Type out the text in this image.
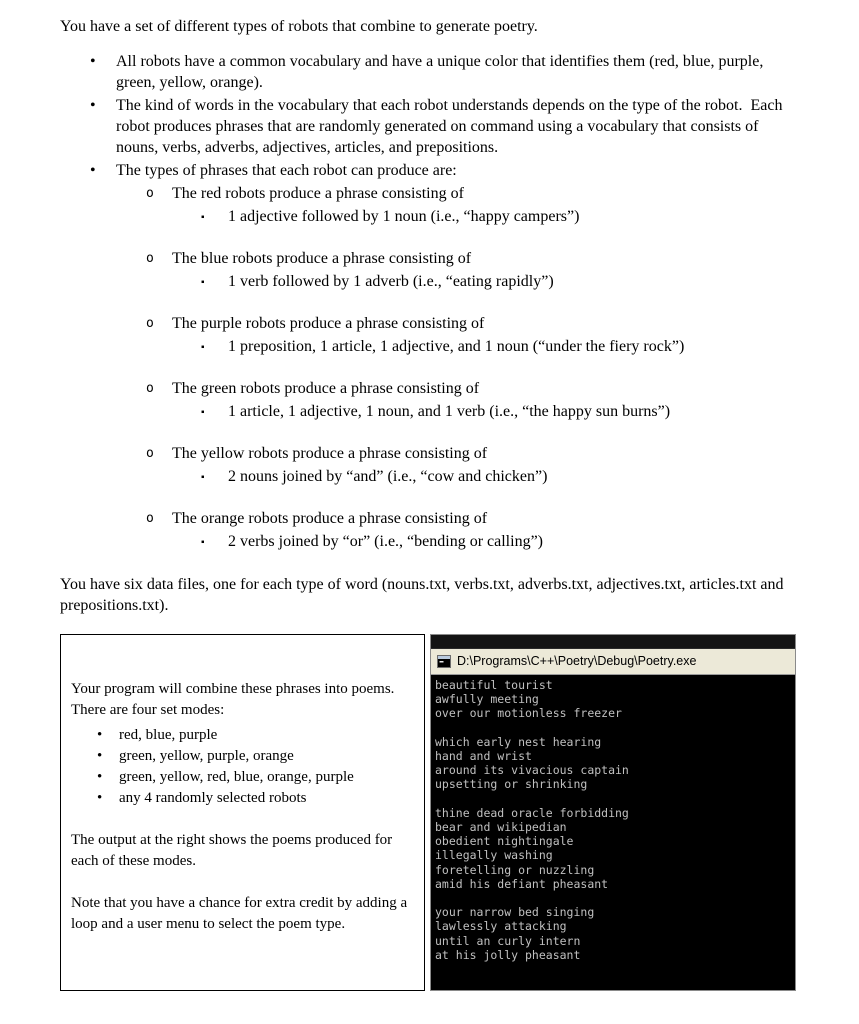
You have a set of different types of robots that combine to generate poetry.

• All robots have a common vocabulary and have a unique color that identifies them (red, blue, purple, green, yellow, orange).
• The kind of words in the vocabulary that each robot understands depends on the type of the robot.  Each robot produces phrases that are randomly generated on command using a vocabulary that consists of nouns, verbs, adverbs, adjectives, articles, and prepositions.
• The types of phrases that each robot can produce are:
o The red robots produce a phrase consisting of
▪ 1 adjective followed by 1 noun (i.e., “happy campers”)
o The blue robots produce a phrase consisting of
▪ 1 verb followed by 1 adverb (i.e., “eating rapidly”)
o The purple robots produce a phrase consisting of
▪ 1 preposition, 1 article, 1 adjective, and 1 noun (“under the fiery rock”)
o The green robots produce a phrase consisting of
▪ 1 article, 1 adjective, 1 noun, and 1 verb (i.e., “the happy sun burns”)
o The yellow robots produce a phrase consisting of
▪ 2 nouns joined by “and” (i.e., “cow and chicken”)
o The orange robots produce a phrase consisting of
▪ 2 verbs joined by “or” (i.e., “bending or calling”)

You have six data files, one for each type of word (nouns.txt, verbs.txt, adverbs.txt, adjectives.txt, articles.txt and prepositions.txt).

Your program will combine these phrases into poems.  There are four set modes:

• red, blue, purple
• green, yellow, purple, orange
• green, yellow, red, blue, orange, purple
• any 4 randomly selected robots

The output at the right shows the poems produced for each of these modes.

Note that you have a chance for extra credit by adding a loop and a user menu to select the poem type.

D:\Programs\C++\Poetry\Debug\Poetry.exe
beautiful tourist
awfully meeting
over our motionless freezer
which early nest hearing
hand and wrist
around its vivacious captain
upsetting or shrinking
thine dead oracle forbidding
bear and wikipedian
obedient nightingale
illegally washing
foretelling or nuzzling
amid his defiant pheasant
your narrow bed singing
lawlessly attacking
until an curly intern
at his jolly pheasant
